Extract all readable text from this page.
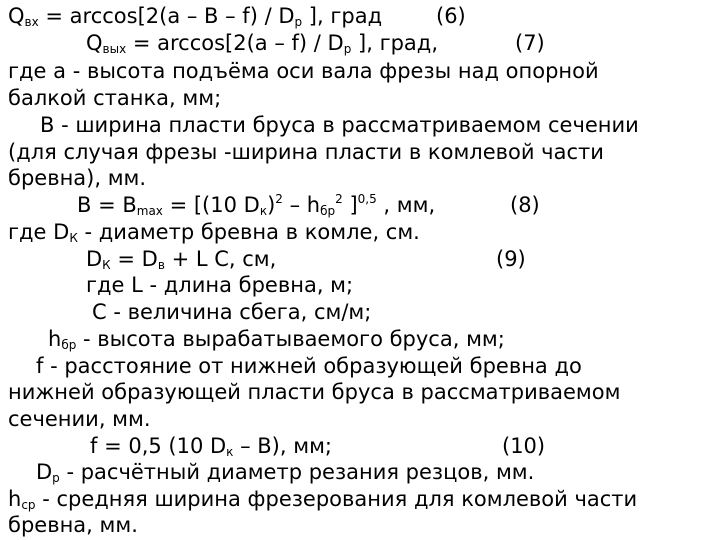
Qвх = arccos[2(a – B – f) / Dр ], град	(6)
Qвых = arccos[2(a – f) / Dр ], град,	(7)
где а - высота подъёма оси вала фрезы над опорной
балкой станка, мм;
В - ширина пласти бруса в рассматриваемом сечении
(для случая фрезы -ширина пласти в комлевой части
бревна), мм.
B = Bmax = [(10 Dк)$^2$ – hбр$^2$ ]$^{0,5}$ , мм,	(8)
где DК - диаметр бревна в комле, см.
DК = Dв + L C, см,	(9)
где L - длина бревна, м;
С - величина сбега, см/м;
hбр - высота вырабатываемого бруса, мм;
f - расстояние от нижней образующей бревна до
нижней образующей пласти бруса в рассматриваемом
сечении, мм.
f = 0,5 (10 Dк – B), мм;	(10)
Dр - расчётный диаметр резания резцов, мм.
hср - средняя ширина фрезерования для комлевой части
бревна, мм.
